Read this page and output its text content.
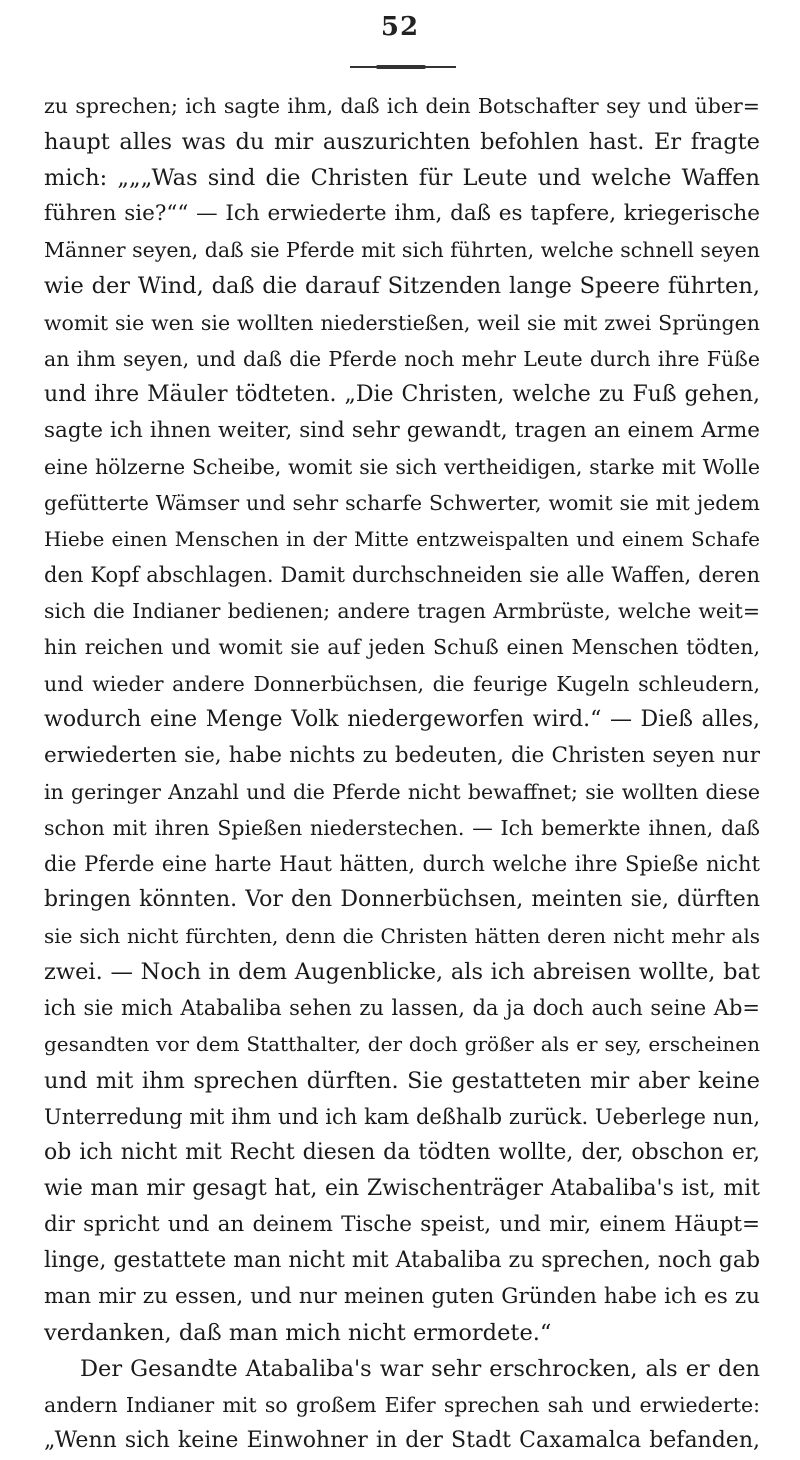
52
zu sprechen; ich sagte ihm, daß ich dein Botschafter sey und über=
haupt alles was du mir auszurichten befohlen hast. Er fragte
mich: „„„Was sind die Christen für Leute und welche Waffen
führen sie?““ — Ich erwiederte ihm, daß es tapfere, kriegerische
Männer seyen, daß sie Pferde mit sich führten, welche schnell seyen
wie der Wind, daß die darauf Sitzenden lange Speere führten,
womit sie wen sie wollten niederstießen, weil sie mit zwei Sprüngen
an ihm seyen, und daß die Pferde noch mehr Leute durch ihre Füße
und ihre Mäuler tödteten. „Die Christen, welche zu Fuß gehen,
sagte ich ihnen weiter, sind sehr gewandt, tragen an einem Arme
eine hölzerne Scheibe, womit sie sich vertheidigen, starke mit Wolle
gefütterte Wämser und sehr scharfe Schwerter, womit sie mit jedem
Hiebe einen Menschen in der Mitte entzweispalten und einem Schafe
den Kopf abschlagen. Damit durchschneiden sie alle Waffen, deren
sich die Indianer bedienen; andere tragen Armbrüste, welche weit=
hin reichen und womit sie auf jeden Schuß einen Menschen tödten,
und wieder andere Donnerbüchsen, die feurige Kugeln schleudern,
wodurch eine Menge Volk niedergeworfen wird.“ — Dieß alles,
erwiederten sie, habe nichts zu bedeuten, die Christen seyen nur
in geringer Anzahl und die Pferde nicht bewaffnet; sie wollten diese
schon mit ihren Spießen niederstechen. — Ich bemerkte ihnen, daß
die Pferde eine harte Haut hätten, durch welche ihre Spieße nicht
bringen könnten. Vor den Donnerbüchsen, meinten sie, dürften
sie sich nicht fürchten, denn die Christen hätten deren nicht mehr als
zwei. — Noch in dem Augenblicke, als ich abreisen wollte, bat
ich sie mich Atabaliba sehen zu lassen, da ja doch auch seine Ab=
gesandten vor dem Statthalter, der doch größer als er sey, erscheinen
und mit ihm sprechen dürften. Sie gestatteten mir aber keine
Unterredung mit ihm und ich kam deßhalb zurück. Ueberlege nun,
ob ich nicht mit Recht diesen da tödten wollte, der, obschon er,
wie man mir gesagt hat, ein Zwischenträger Atabaliba's ist, mit
dir spricht und an deinem Tische speist, und mir, einem Häupt=
linge, gestattete man nicht mit Atabaliba zu sprechen, noch gab
man mir zu essen, und nur meinen guten Gründen habe ich es zu
verdanken, daß man mich nicht ermordete.“
Der Gesandte Atabaliba's war sehr erschrocken, als er den
andern Indianer mit so großem Eifer sprechen sah und erwiederte:
„Wenn sich keine Einwohner in der Stadt Caxamalca befanden,
